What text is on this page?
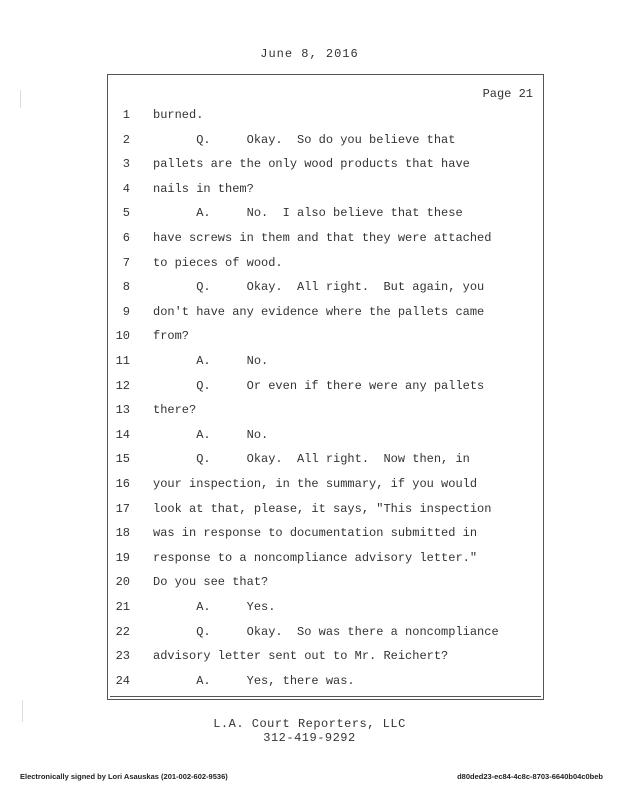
June 8, 2016
Page 21
1 burned.
2 Q.     Okay.  So do you believe that
3 pallets are the only wood products that have
4 nails in them?
5 A.     No.  I also believe that these
6 have screws in them and that they were attached
7 to pieces of wood.
8 Q.     Okay.  All right.  But again, you
9 don't have any evidence where the pallets came
10 from?
11 A.     No.
12 Q.     Or even if there were any pallets
13 there?
14 A.     No.
15 Q.     Okay.  All right.  Now then, in
16 your inspection, in the summary, if you would
17 look at that, please, it says, "This inspection
18 was in response to documentation submitted in
19 response to a noncompliance advisory letter."
20 Do you see that?
21 A.     Yes.
22 Q.     Okay.  So was there a noncompliance
23 advisory letter sent out to Mr. Reichert?
24 A.     Yes, there was.
L.A. Court Reporters, LLC
312-419-9292
Electronically signed by Lori Asauskas (201-002-602-9536)	d80ded23-ec84-4c8c-8703-6640b04c0beb
